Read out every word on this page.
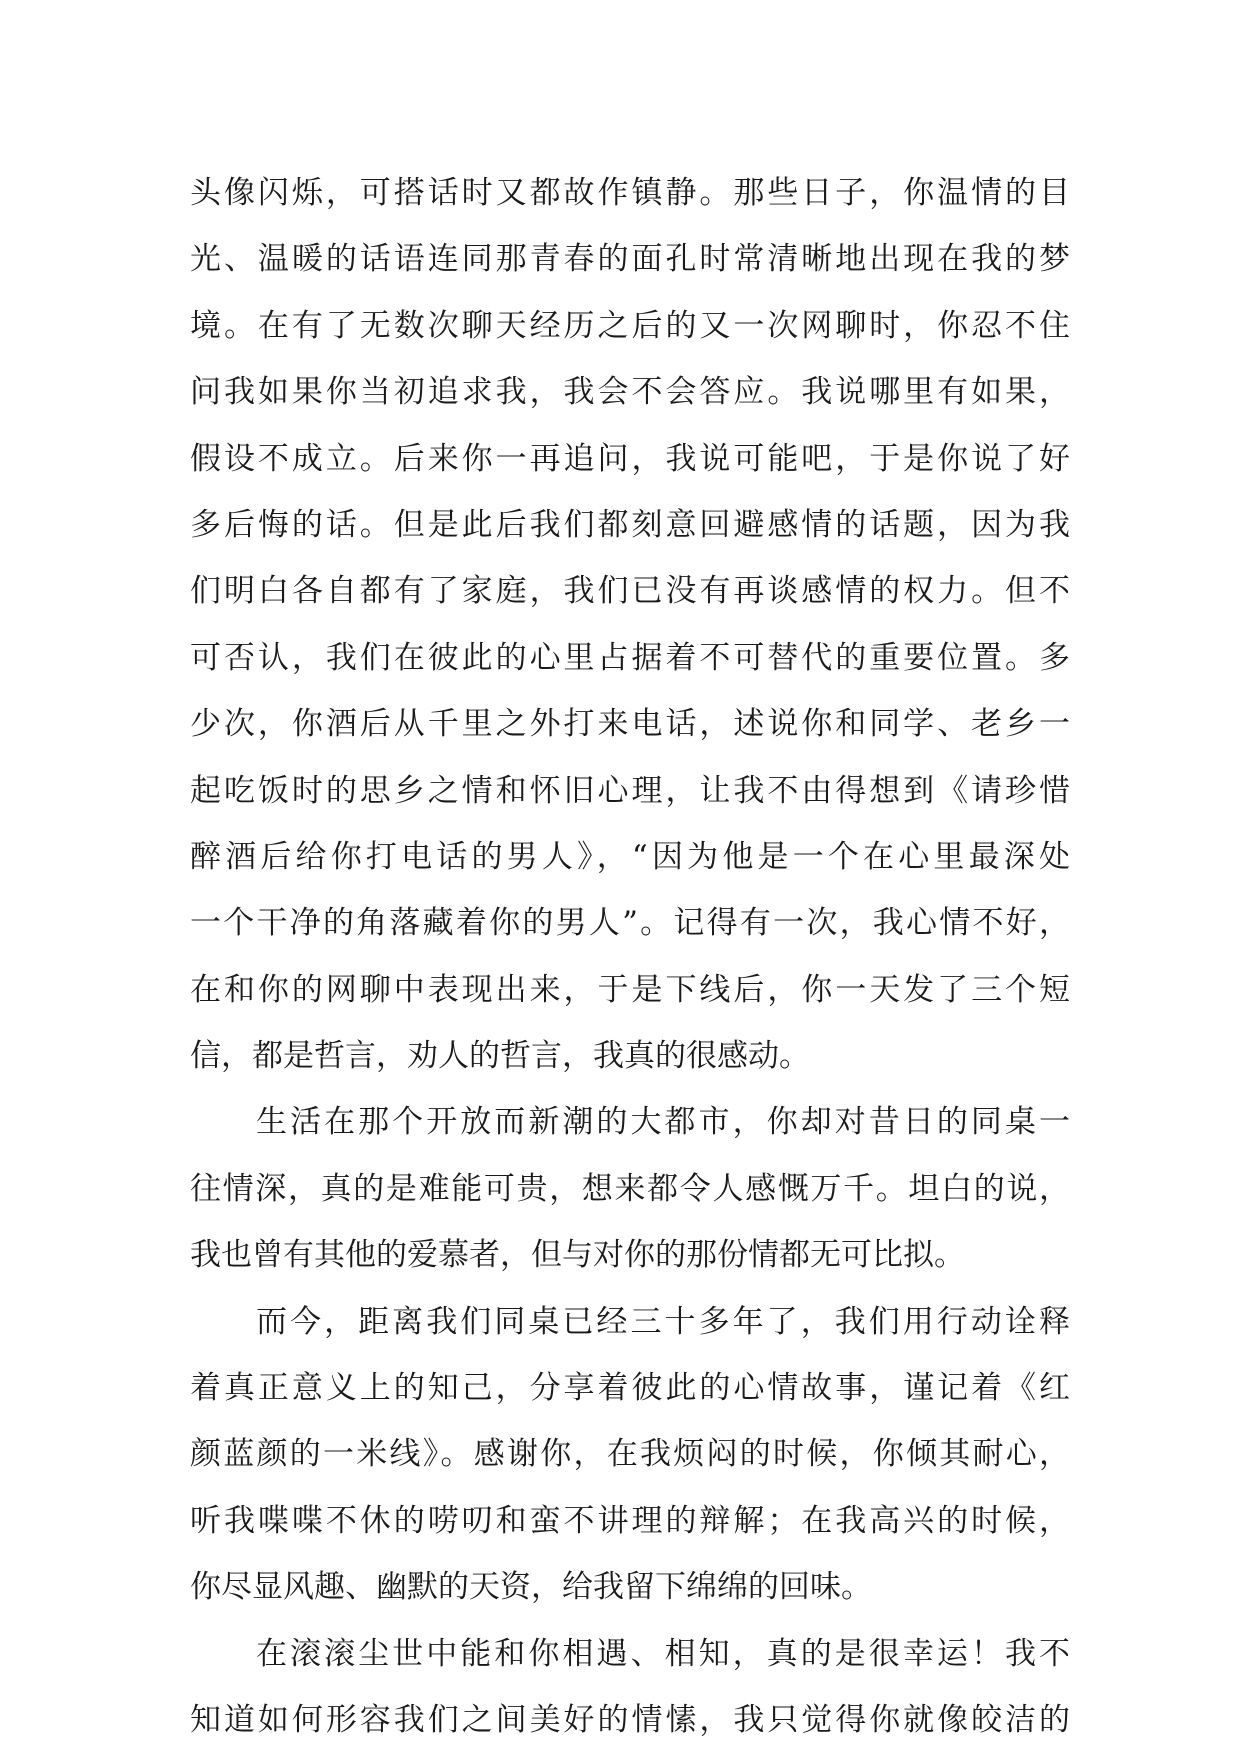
头像闪烁，可搭话时又都故作镇静。那些日子，你温情的目
光、温暖的话语连同那青春的面孔时常清晰地出现在我的梦
境。在有了无数次聊天经历之后的又一次网聊时，你忍不住
问我如果你当初追求我，我会不会答应。我说哪里有如果，
假设不成立。后来你一再追问，我说可能吧，于是你说了好
多后悔的话。但是此后我们都刻意回避感情的话题，因为我
们明白各自都有了家庭，我们已没有再谈感情的权力。但不
可否认，我们在彼此的心里占据着不可替代的重要位置。多
少次，你酒后从千里之外打来电话，述说你和同学、老乡一
起吃饭时的思乡之情和怀旧心理，让我不由得想到《请珍惜
醉酒后给你打电话的男人》，“因为他是一个在心里最深处
一个干净的角落藏着你的男人”。记得有一次，我心情不好，
在和你的网聊中表现出来，于是下线后，你一天发了三个短
信，都是哲言，劝人的哲言，我真的很感动。
生活在那个开放而新潮的大都市，你却对昔日的同桌一
往情深，真的是难能可贵，想来都令人感慨万千。坦白的说，
我也曾有其他的爱慕者，但与对你的那份情都无可比拟。
而今，距离我们同桌已经三十多年了，我们用行动诠释
着真正意义上的知己，分享着彼此的心情故事，谨记着《红
颜蓝颜的一米线》。感谢你，在我烦闷的时候，你倾其耐心，
听我喋喋不休的唠叨和蛮不讲理的辩解；在我高兴的时候，
你尽显风趣、幽默的天资，给我留下绵绵的回味。
在滚滚尘世中能和你相遇、相知，真的是很幸运！我不
知道如何形容我们之间美好的情愫，我只觉得你就像皎洁的
